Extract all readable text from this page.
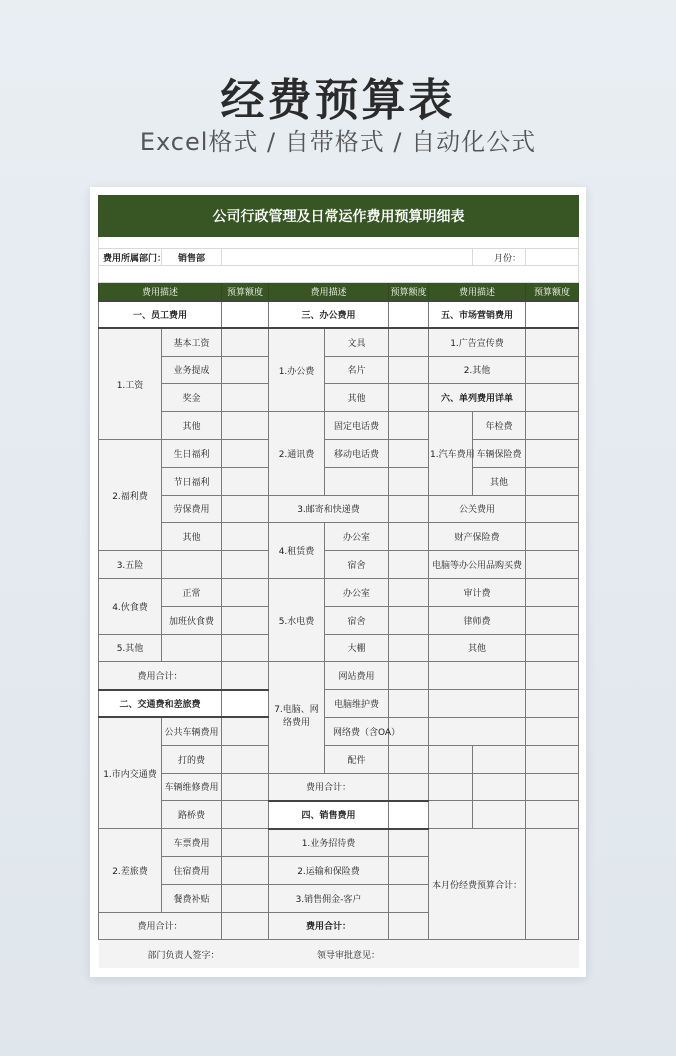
经费预算表
Excel格式 / 自带格式 / 自动化公式
公司行政管理及日常运作费用预算明细表								

费用所属部门：	销售部						月份：	

费用描述		预算额度	费用描述		预算额度	费用描述		预算额度
一、员工费用			三、办公费用			五、市场营销费用		
1.工资	基本工资		1.办公费	文具		1.广告宣传费		
	业务提成			名片		2.其他		
	奖金			其他		六、单列费用详单		
	其他		2.通讯费	固定电话费		1.汽车费用	年检费	
2.福利费	生日福利			移动电话费			车辆保险费	
	节日福利						其他	
	劳保费用		3.邮寄和快递费			公关费用		
	其他		4.租赁费	办公室		财产保险费		
3.五险				宿舍		电脑等办公用品购买费		
4.伙食费	正常		5.水电费	办公室		审计费		
	加班伙食费			宿舍		律师费		
5.其他				大棚		其他		
费用合计：			7.电脑、网络费用	网站费用				
二、交通费和差旅费				电脑维护费				
1.市内交通费	公共车辆费用			网络费（含OA）				
	打的费			配件				
	车辆维修费用		费用合计：					
	路桥费		四、销售费用					
2.差旅费	车票费用		1.业务招待费			本月份经费预算合计：		
	住宿费用		2.运输和保险费					
	餐费补贴		3.销售佣金-客户					
费用合计：			费用合计：					
部门负责人签字：			领导审批意见：					
